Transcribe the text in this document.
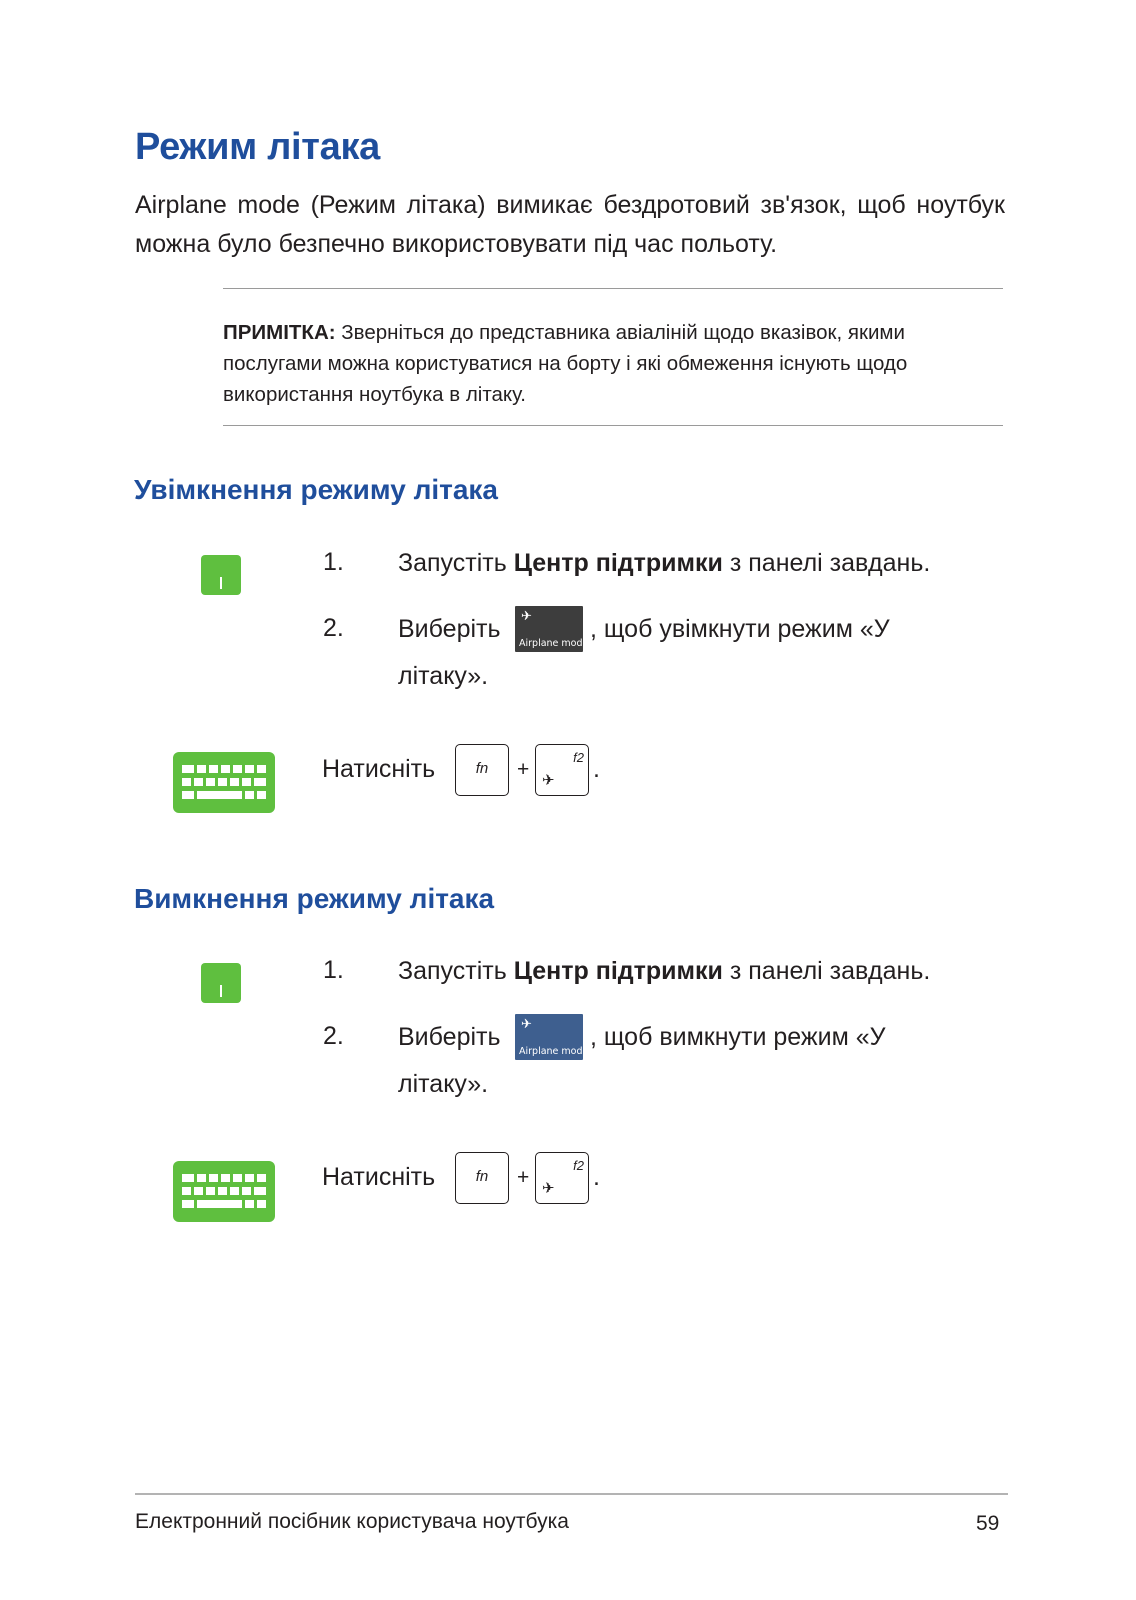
Режим літака

Airplane mode (Режим літака) вимикає бездротовий зв'язок, щоб ноутбук можна було безпечно використовувати під час польоту.

ПРИМІТКА: Зверніться до представника авіаліній щодо вказівок, якими послугами можна користуватися на борту і які обмеження існують щодо використання ноутбука в літаку.

Увімкнення режиму літака
1. Запустіть Центр підтримки з панелі завдань.
2. Виберіть ✈
Airplane mode
, щоб увімкнути режим «У
літаку».
Натисніть	fn	+
f2
✈ .
Вимкнення режиму літака
1. Запустіть Центр підтримки з панелі завдань.
2. Виберіть ✈
Airplane mode
, щоб вимкнути режим «У
літаку».
Натисніть	fn	+
f2
✈ .
Електронний посібник користувача ноутбука	59
